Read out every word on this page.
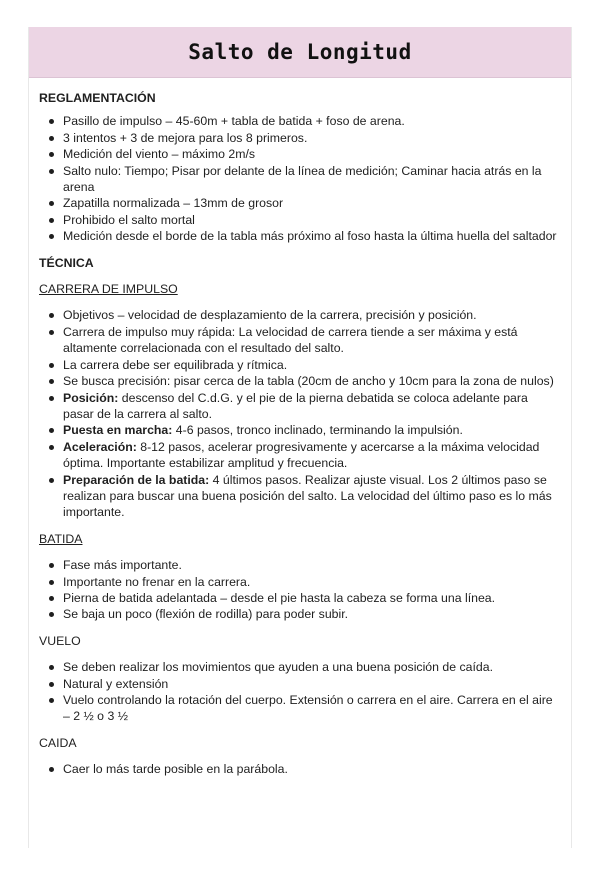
Salto de Longitud

REGLAMENTACIÓN

Pasillo de impulso – 45-60m + tabla de batida + foso de arena.
3 intentos + 3 de mejora para los 8 primeros.
Medición del viento – máximo 2m/s
Salto nulo: Tiempo; Pisar por delante de la línea de medición; Caminar hacia atrás en la arena
Zapatilla normalizada – 13mm de grosor
Prohibido el salto mortal
Medición desde el borde de la tabla más próximo al foso hasta la última huella del saltador

TÉCNICA

CARRERA DE IMPULSO

Objetivos – velocidad de desplazamiento de la carrera, precisión y posición.
Carrera de impulso muy rápida: La velocidad de carrera tiende a ser máxima y está altamente correlacionada con el resultado del salto.
La carrera debe ser equilibrada y rítmica.
Se busca precisión: pisar cerca de la tabla (20cm de ancho y 10cm para la zona de nulos)
Posición: descenso del C.d.G. y el pie de la pierna debatida se coloca adelante para pasar de la carrera al salto.
Puesta en marcha: 4-6 pasos, tronco inclinado, terminando la impulsión.
Aceleración: 8-12 pasos, acelerar progresivamente y acercarse a la máxima velocidad óptima. Importante estabilizar amplitud y frecuencia.
Preparación de la batida: 4 últimos pasos. Realizar ajuste visual. Los 2 últimos paso se realizan para buscar una buena posición del salto. La velocidad del último paso es lo más importante.

BATIDA

Fase más importante.
Importante no frenar en la carrera.
Pierna de batida adelantada – desde el pie hasta la cabeza se forma una línea.
Se baja un poco (flexión de rodilla) para poder subir.

VUELO

Se deben realizar los movimientos que ayuden a una buena posición de caída.
Natural y extensión
Vuelo controlando la rotación del cuerpo. Extensión o carrera en el aire. Carrera en el aire – 2 ½ o 3 ½

CAIDA

Caer lo más tarde posible en la parábola.
